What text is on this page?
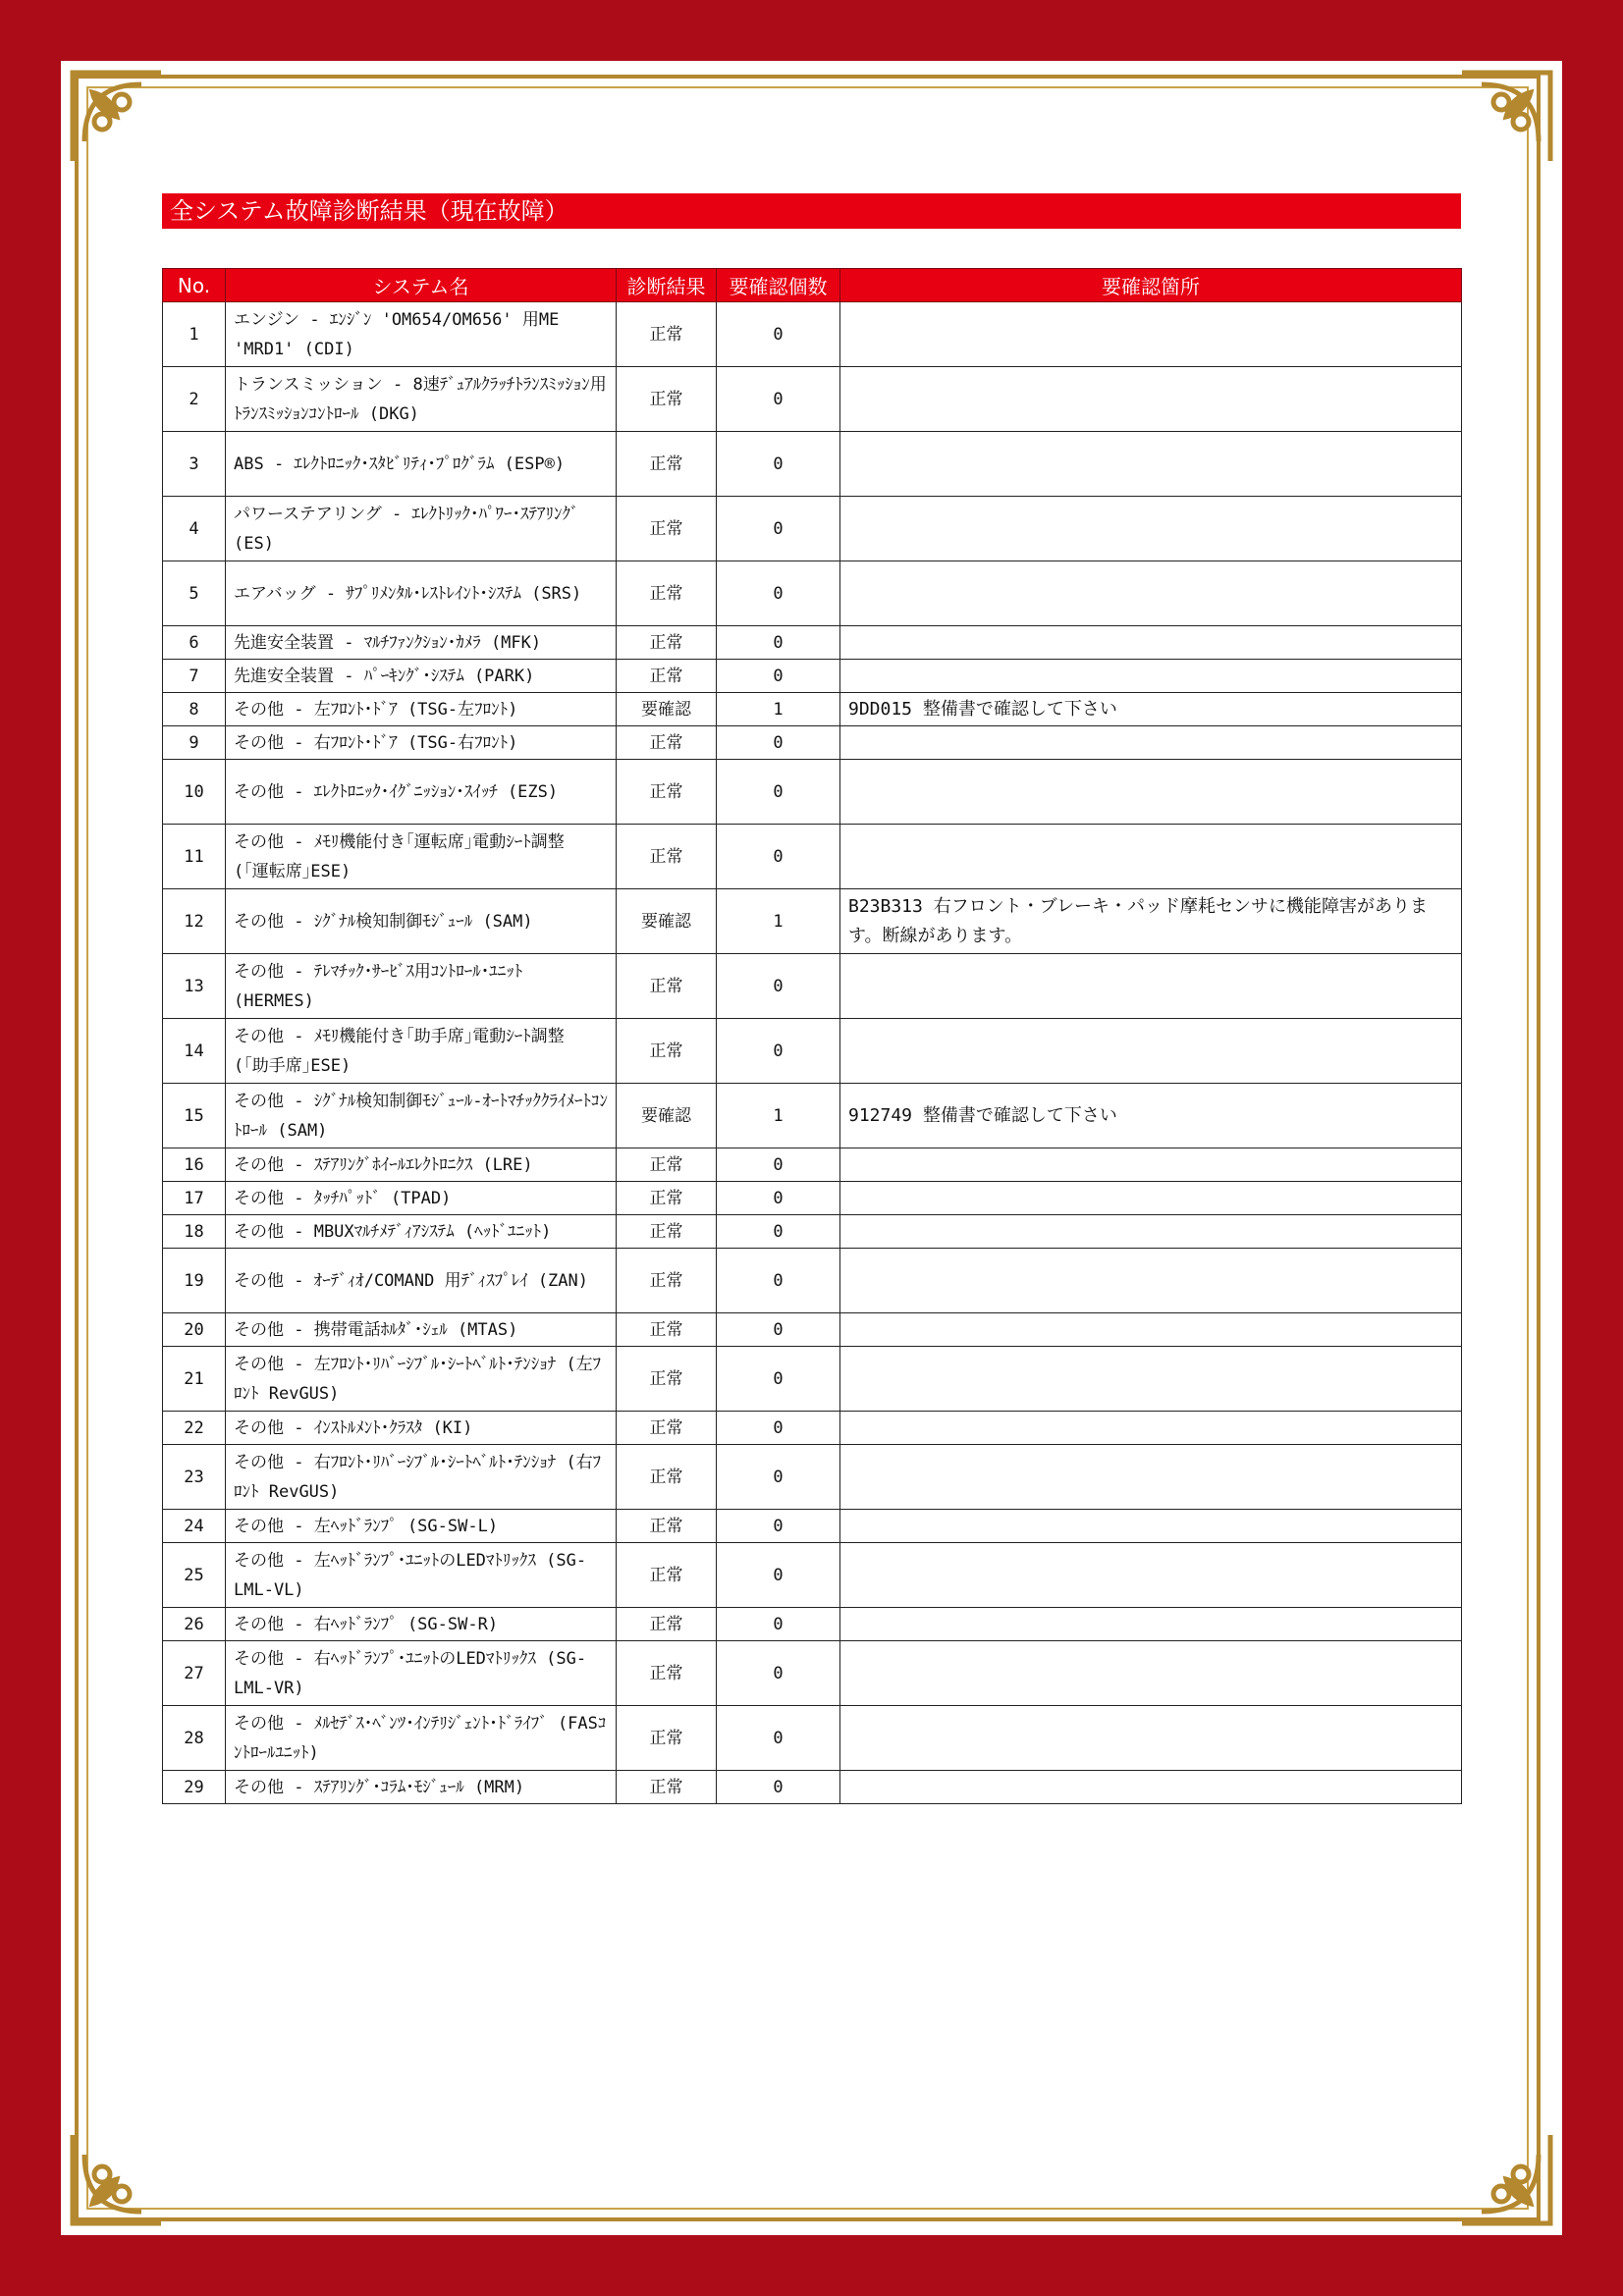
全システム故障診断結果（現在故障）
No.	システム名	診断結果	要確認個数	要確認箇所
1	エンジン - ｴﾝｼﾞﾝ 'OM654/OM656' 用ME 'MRD1' (CDI)	正常	0	
2	トランスミッション - 8速ﾃﾞｭｱﾙｸﾗｯﾁﾄﾗﾝｽﾐｯｼｮﾝ用ﾄﾗﾝｽﾐｯｼｮﾝｺﾝﾄﾛｰﾙ (DKG)	正常	0	
3	ABS - ｴﾚｸﾄﾛﾆｯｸ･ｽﾀﾋﾞﾘﾃｨ･ﾌﾟﾛｸﾞﾗﾑ (ESP®)	正常	0	
4	パワーステアリング - ｴﾚｸﾄﾘｯｸ･ﾊﾟﾜｰ･ｽﾃｱﾘﾝｸﾞ (ES)	正常	0	
5	エアバッグ - ｻﾌﾟﾘﾒﾝﾀﾙ･ﾚｽﾄﾚｲﾝﾄ･ｼｽﾃﾑ (SRS)	正常	0	
6	先進安全装置 - ﾏﾙﾁﾌｧﾝｸｼｮﾝ･ｶﾒﾗ (MFK)	正常	0	
7	先進安全装置 - ﾊﾟｰｷﾝｸﾞ･ｼｽﾃﾑ (PARK)	正常	0	
8	その他 - 左ﾌﾛﾝﾄ･ﾄﾞｱ (TSG-左ﾌﾛﾝﾄ)	要確認	1	9DD015 整備書で確認して下さい
9	その他 - 右ﾌﾛﾝﾄ･ﾄﾞｱ (TSG-右ﾌﾛﾝﾄ)	正常	0	
10	その他 - ｴﾚｸﾄﾛﾆｯｸ･ｲｸﾞﾆｯｼｮﾝ･ｽｲｯﾁ (EZS)	正常	0	
11	その他 - ﾒﾓﾘ機能付き｢運転席｣電動ｼｰﾄ調整 (｢運転席｣ESE)	正常	0	
12	その他 - ｼｸﾞﾅﾙ検知制御ﾓｼﾞｭｰﾙ (SAM)	要確認	1	B23B313 右フロント・ブレーキ・パッド摩耗センサに機能障害があります。断線があります。
13	その他 - ﾃﾚﾏﾁｯｸ･ｻｰﾋﾞｽ用ｺﾝﾄﾛｰﾙ･ﾕﾆｯﾄ (HERMES)	正常	0	
14	その他 - ﾒﾓﾘ機能付き｢助手席｣電動ｼｰﾄ調整 (｢助手席｣ESE)	正常	0	
15	その他 - ｼｸﾞﾅﾙ検知制御ﾓｼﾞｭｰﾙ-ｵｰﾄﾏﾁｯｸｸﾗｲﾒｰﾄｺﾝﾄﾛｰﾙ (SAM)	要確認	1	912749 整備書で確認して下さい
16	その他 - ｽﾃｱﾘﾝｸﾞﾎｲｰﾙｴﾚｸﾄﾛﾆｸｽ (LRE)	正常	0	
17	その他 - ﾀｯﾁﾊﾟｯﾄﾞ (TPAD)	正常	0	
18	その他 - MBUXﾏﾙﾁﾒﾃﾞｨｱｼｽﾃﾑ (ﾍｯﾄﾞﾕﾆｯﾄ)	正常	0	
19	その他 - ｵｰﾃﾞｨｵ/COMAND 用ﾃﾞｨｽﾌﾟﾚｲ (ZAN)	正常	0	
20	その他 - 携帯電話ﾎﾙﾀﾞ･ｼｪﾙ (MTAS)	正常	0	
21	その他 - 左ﾌﾛﾝﾄ･ﾘﾊﾞｰｼﾌﾞﾙ･ｼｰﾄﾍﾞﾙﾄ･ﾃﾝｼｮﾅ (左ﾌﾛﾝﾄ RevGUS)	正常	0	
22	その他 - ｲﾝｽﾄﾙﾒﾝﾄ･ｸﾗｽﾀ (KI)	正常	0	
23	その他 - 右ﾌﾛﾝﾄ･ﾘﾊﾞｰｼﾌﾞﾙ･ｼｰﾄﾍﾞﾙﾄ･ﾃﾝｼｮﾅ (右ﾌﾛﾝﾄ RevGUS)	正常	0	
24	その他 - 左ﾍｯﾄﾞﾗﾝﾌﾟ (SG-SW-L)	正常	0	
25	その他 - 左ﾍｯﾄﾞﾗﾝﾌﾟ･ﾕﾆｯﾄのLEDﾏﾄﾘｯｸｽ (SG-LML-VL)	正常	0	
26	その他 - 右ﾍｯﾄﾞﾗﾝﾌﾟ (SG-SW-R)	正常	0	
27	その他 - 右ﾍｯﾄﾞﾗﾝﾌﾟ･ﾕﾆｯﾄのLEDﾏﾄﾘｯｸｽ (SG-LML-VR)	正常	0	
28	その他 - ﾒﾙｾﾃﾞｽ･ﾍﾞﾝﾂ･ｲﾝﾃﾘｼﾞｪﾝﾄ･ﾄﾞﾗｲﾌﾞ (FASｺﾝﾄﾛｰﾙﾕﾆｯﾄ)	正常	0	
29	その他 - ｽﾃｱﾘﾝｸﾞ･ｺﾗﾑ･ﾓｼﾞｭｰﾙ (MRM)	正常	0	
